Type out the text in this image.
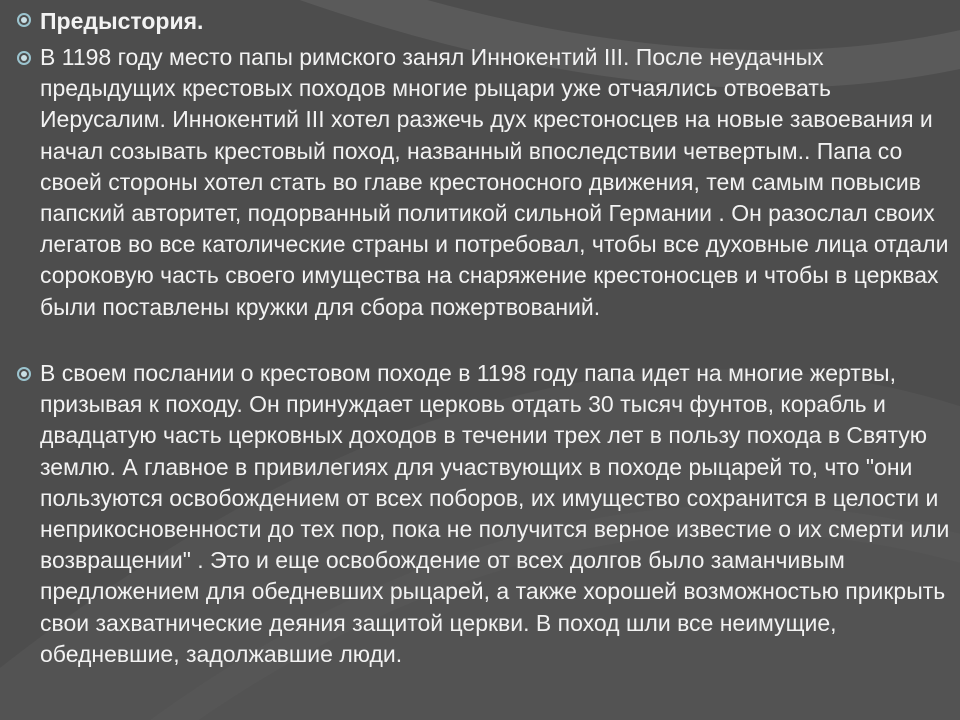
Предыстория.

В 1198 году место папы римского занял Иннокентий III. После неудачных предыдущих крестовых походов многие рыцари уже отчаялись отвоевать Иерусалим. Иннокентий III хотел разжечь дух крестоносцев на новые завоевания и начал созывать крестовый поход, названный впоследствии четвертым.. Папа со своей стороны хотел стать во главе крестоносного движения, тем самым повысив папский авторитет, подорванный политикой сильной Германии . Он разослал своих легатов во все католические страны и потребовал, чтобы все духовные лица отдали сороковую часть своего имущества на снаряжение крестоносцев и чтобы в церквах были поставлены кружки для сбора пожертвований.

В своем послании о крестовом походе в 1198 году папа идет на многие жертвы, призывая к походу. Он принуждает церковь отдать 30 тысяч фунтов, корабль и двадцатую часть церковных доходов в течении трех лет в пользу похода в Святую землю. А главное в привилегиях для участвующих в походе рыцарей то, что "они пользуются освобождением от всех поборов, их имущество сохранится в целости и неприкосновенности до тех пор, пока не получится верное известие о их смерти или возвращении" . Это и еще освобождение от всех долгов было заманчивым предложением для обедневших рыцарей, а также хорошей возможностью прикрыть свои захватнические деяния защитой церкви. В поход шли все неимущие, обедневшие, задолжавшие люди.
